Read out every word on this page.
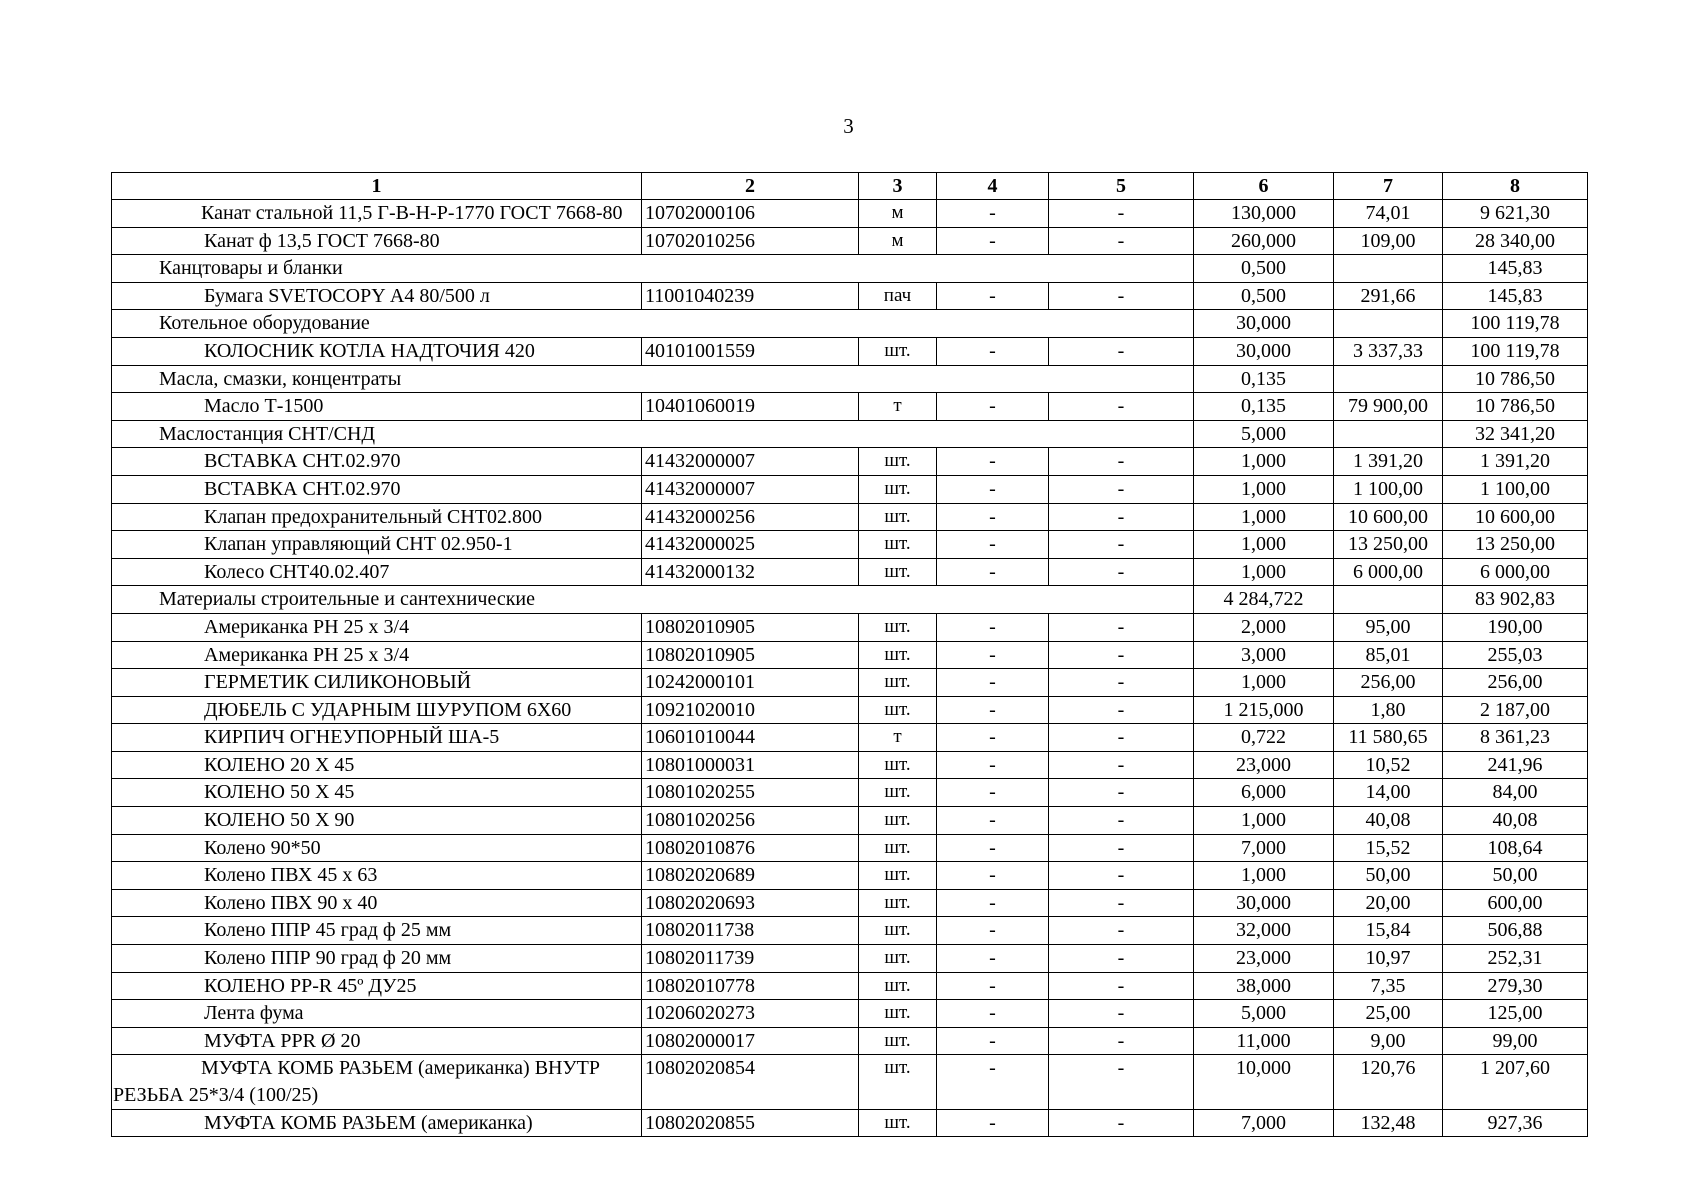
3
1	2	3	4	5	6	7	8
Канат стальной 11,5 Г-В-Н-Р-1770 ГОСТ 7668-80	10702000106	м	-	-	130,000	74,01	9 621,30
Канат ф 13,5 ГОСТ 7668-80	10702010256	м	-	-	260,000	109,00	28 340,00
Канцтовары и бланки					0,500		145,83
Бумага SVETOCOPY А4 80/500 л	11001040239	пач	-	-	0,500	291,66	145,83
Котельное оборудование					30,000		100 119,78
КОЛОСНИК КОТЛА НАДТОЧИЯ 420	40101001559	шт.	-	-	30,000	3 337,33	100 119,78
Масла, смазки, концентраты					0,135		10 786,50
Масло Т-1500	10401060019	т	-	-	0,135	79 900,00	10 786,50
Маслостанция СНТ/СНД					5,000		32 341,20
ВСТАВКА СНТ.02.970	41432000007	шт.	-	-	1,000	1 391,20	1 391,20
ВСТАВКА СНТ.02.970	41432000007	шт.	-	-	1,000	1 100,00	1 100,00
Клапан предохранительный СНТ02.800	41432000256	шт.	-	-	1,000	10 600,00	10 600,00
Клапан управляющий СНТ 02.950-1	41432000025	шт.	-	-	1,000	13 250,00	13 250,00
Колесо СНТ40.02.407	41432000132	шт.	-	-	1,000	6 000,00	6 000,00
Материалы строительные и сантехнические					4 284,722		83 902,83
Американка PH 25 x 3/4	10802010905	шт.	-	-	2,000	95,00	190,00
Американка PH 25 x 3/4	10802010905	шт.	-	-	3,000	85,01	255,03
ГЕРМЕТИК СИЛИКОНОВЫЙ	10242000101	шт.	-	-	1,000	256,00	256,00
ДЮБЕЛЬ С УДАРНЫМ ШУРУПОМ 6Х60	10921020010	шт.	-	-	1 215,000	1,80	2 187,00
КИРПИЧ ОГНЕУПОРНЫЙ ША-5	10601010044	т	-	-	0,722	11 580,65	8 361,23
КОЛЕНО 20 Х 45	10801000031	шт.	-	-	23,000	10,52	241,96
КОЛЕНО 50 Х 45	10801020255	шт.	-	-	6,000	14,00	84,00
КОЛЕНО 50 Х 90	10801020256	шт.	-	-	1,000	40,08	40,08
Колено 90*50	10802010876	шт.	-	-	7,000	15,52	108,64
Колено ПВХ 45 х 63	10802020689	шт.	-	-	1,000	50,00	50,00
Колено ПВХ 90 х 40	10802020693	шт.	-	-	30,000	20,00	600,00
Колено ППР 45 град ф 25 мм	10802011738	шт.	-	-	32,000	15,84	506,88
Колено ППР 90 град ф 20 мм	10802011739	шт.	-	-	23,000	10,97	252,31
КОЛЕНО PP-R 45º ДУ25	10802010778	шт.	-	-	38,000	7,35	279,30
Лента фума	10206020273	шт.	-	-	5,000	25,00	125,00
МУФТА PPR Ø 20	10802000017	шт.	-	-	11,000	9,00	99,00
МУФТА КОМБ РАЗЬЕМ (американка) ВНУТР РЕЗЬБА 25*3/4 (100/25)	10802020854	шт.	-	-	10,000	120,76	1 207,60
МУФТА КОМБ РАЗЬЕМ (американка)	10802020855	шт.	-	-	7,000	132,48	927,36
